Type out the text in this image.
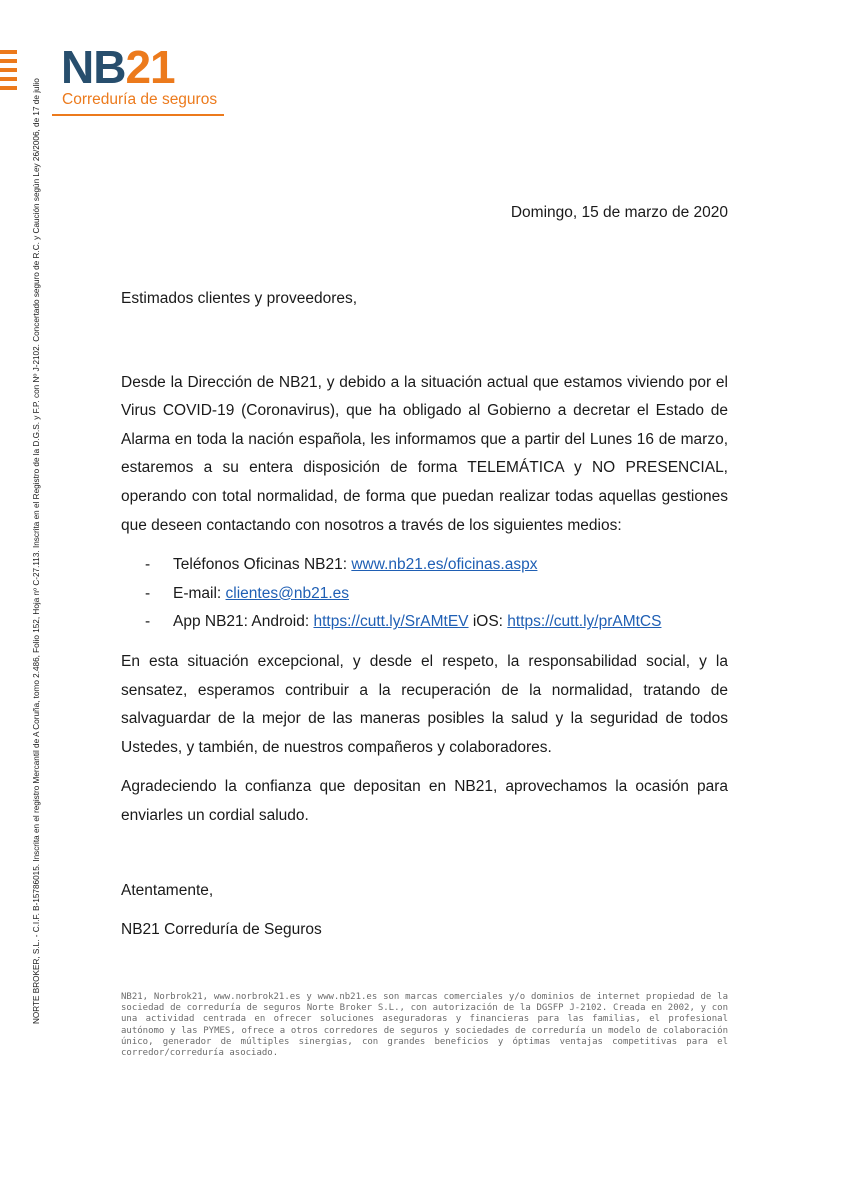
NB21
Correduría de seguros
NORTE BROKER, S.L. - C.I.F. B-15786015. Inscrita en el registro Mercantil de A Coruña, tomo 2.486, Folio 152, Hoja nº C-27.113. Inscrita en el Registro de la D.G.S. y F.P. con Nº J-2102. Concertado seguro de R.C. y Caución según Ley 26/2006, de 17 de julio	Domingo, 15 de marzo de 2020

Estimados clientes y proveedores,

Desde la Dirección de NB21, y debido a la situación actual que estamos viviendo por el Virus COVID-19 (Coronavirus), que ha obligado al Gobierno a decretar el Estado de Alarma en toda la nación española, les informamos que a partir del Lunes 16 de marzo, estaremos a su entera disposición de forma TELEMÁTICA y NO PRESENCIAL, operando con total normalidad, de forma que puedan realizar todas aquellas gestiones que deseen contactando con nosotros a través de los siguientes medios:

- Teléfonos Oficinas NB21: www.nb21.es/oficinas.aspx
- E-mail: clientes@nb21.es
- App NB21: Android: https://cutt.ly/SrAMtEV iOS: https://cutt.ly/prAMtCS

En esta situación excepcional, y desde el respeto, la responsabilidad social, y la sensatez, esperamos contribuir a la recuperación de la normalidad, tratando de salvaguardar de la mejor de las maneras posibles la salud y la seguridad de todos Ustedes, y también, de nuestros compañeros y colaboradores.

Agradeciendo la confianza que depositan en NB21, aprovechamos la ocasión para enviarles un cordial saludo.

Atentamente,
NB21 Correduría de Seguros
NB21, Norbrok21, www.norbrok21.es y www.nb21.es son marcas comerciales y/o dominios de internet propiedad de la sociedad de correduría de seguros Norte Broker S.L., con autorización de la DGSFP J-2102. Creada en 2002, y con una actividad centrada en ofrecer soluciones aseguradoras y financieras para las familias, el profesional autónomo y las PYMES, ofrece a otros corredores de seguros y sociedades de correduría un modelo de colaboración único, generador de múltiples sinergias, con grandes beneficios y óptimas ventajas competitivas para el corredor/correduría asociado.
